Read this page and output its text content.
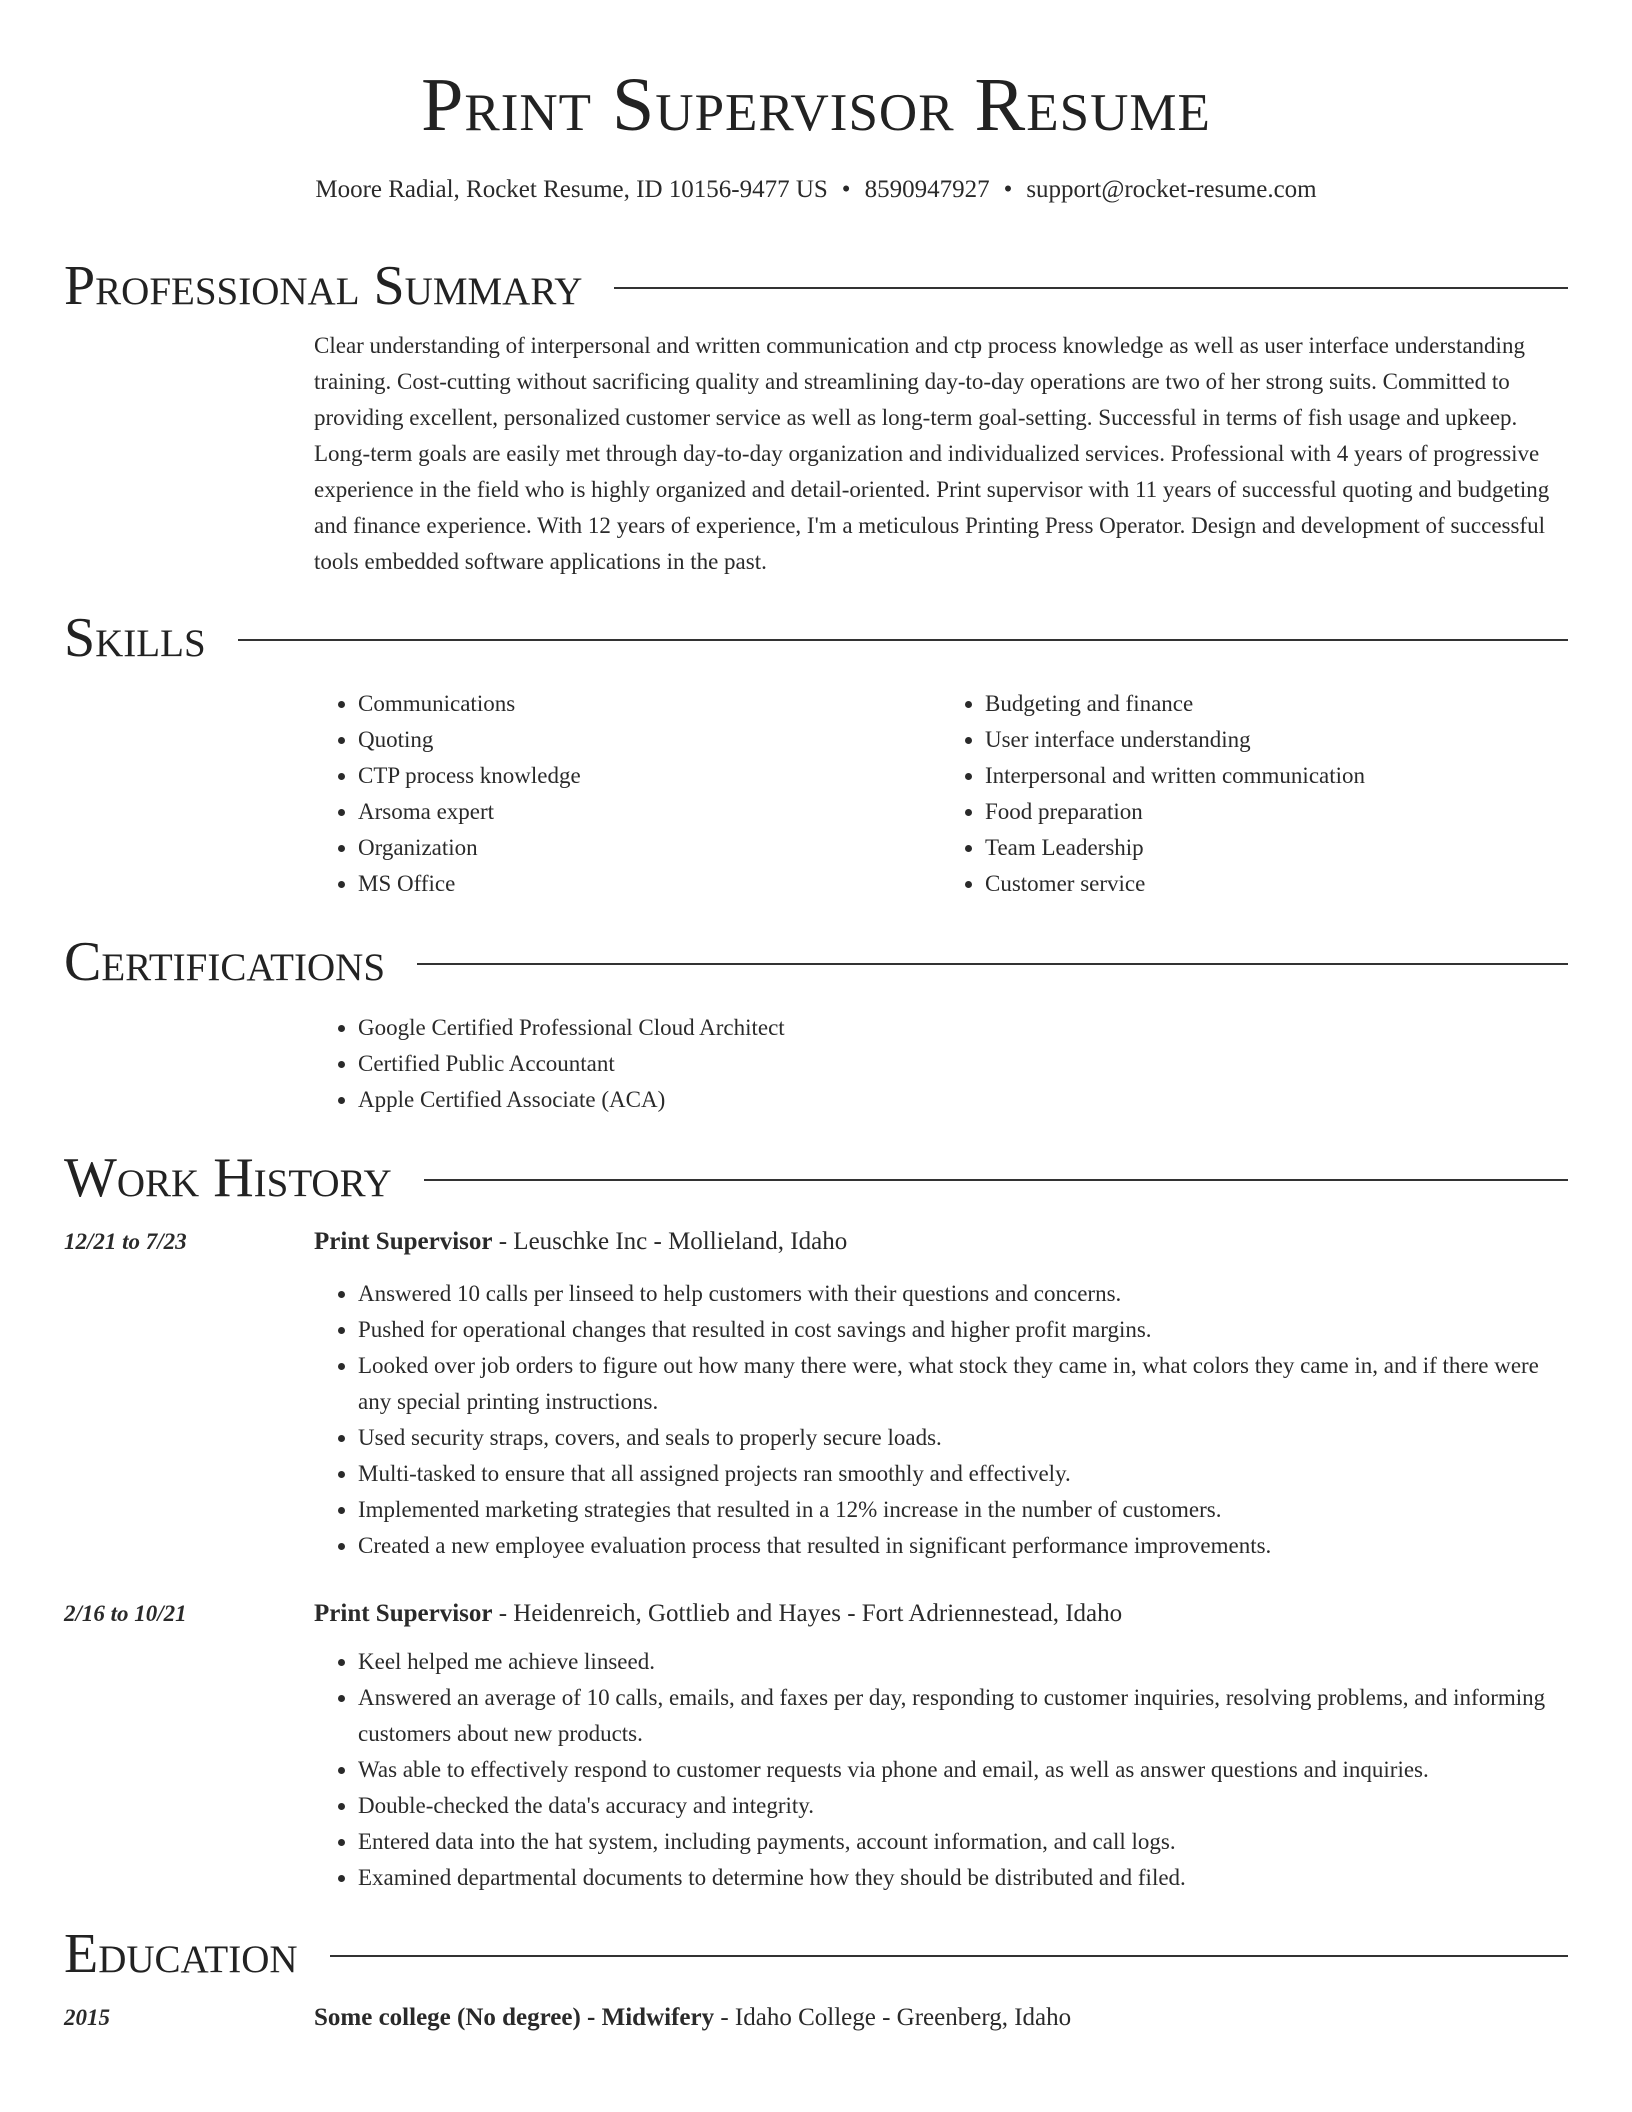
Print Supervisor Resume
Moore Radial, Rocket Resume, ID 10156-9477 US • 8590947927 • support@rocket-resume.com
Professional Summary

Clear understanding of interpersonal and written communication and ctp process knowledge as well as user interface understanding training. Cost-cutting without sacrificing quality and streamlining day-to-day operations are two of her strong suits. Committed to providing excellent, personalized customer service as well as long-term goal-setting. Successful in terms of fish usage and upkeep. Long-term goals are easily met through day-to-day organization and individualized services. Professional with 4 years of progressive experience in the field who is highly organized and detail-oriented. Print supervisor with 11 years of successful quoting and budgeting and finance experience. With 12 years of experience, I'm a meticulous Printing Press Operator. Design and development of successful tools embedded software applications in the past.

Skills
• Communications
• Quoting
• CTP process knowledge
• Arsoma expert
• Organization
• MS Office
• Budgeting and finance
• User interface understanding
• Interpersonal and written communication
• Food preparation
• Team Leadership
• Customer service
Certifications
• Google Certified Professional Cloud Architect
• Certified Public Accountant
• Apple Certified Associate (ACA)
Work History
12/21 to 7/23	Print Supervisor - Leuschke Inc - Mollieland, Idaho
• Answered 10 calls per linseed to help customers with their questions and concerns.
• Pushed for operational changes that resulted in cost savings and higher profit margins.
• Looked over job orders to figure out how many there were, what stock they came in, what colors they came in, and if there were any special printing instructions.
• Used security straps, covers, and seals to properly secure loads.
• Multi-tasked to ensure that all assigned projects ran smoothly and effectively.
• Implemented marketing strategies that resulted in a 12% increase in the number of customers.
• Created a new employee evaluation process that resulted in significant performance improvements.
2/16 to 10/21	Print Supervisor - Heidenreich, Gottlieb and Hayes - Fort Adriennestead, Idaho
• Keel helped me achieve linseed.
• Answered an average of 10 calls, emails, and faxes per day, responding to customer inquiries, resolving problems, and informing customers about new products.
• Was able to effectively respond to customer requests via phone and email, as well as answer questions and inquiries.
• Double-checked the data's accuracy and integrity.
• Entered data into the hat system, including payments, account information, and call logs.
• Examined departmental documents to determine how they should be distributed and filed.
Education
2015	Some college (No degree) - Midwifery - Idaho College - Greenberg, Idaho
